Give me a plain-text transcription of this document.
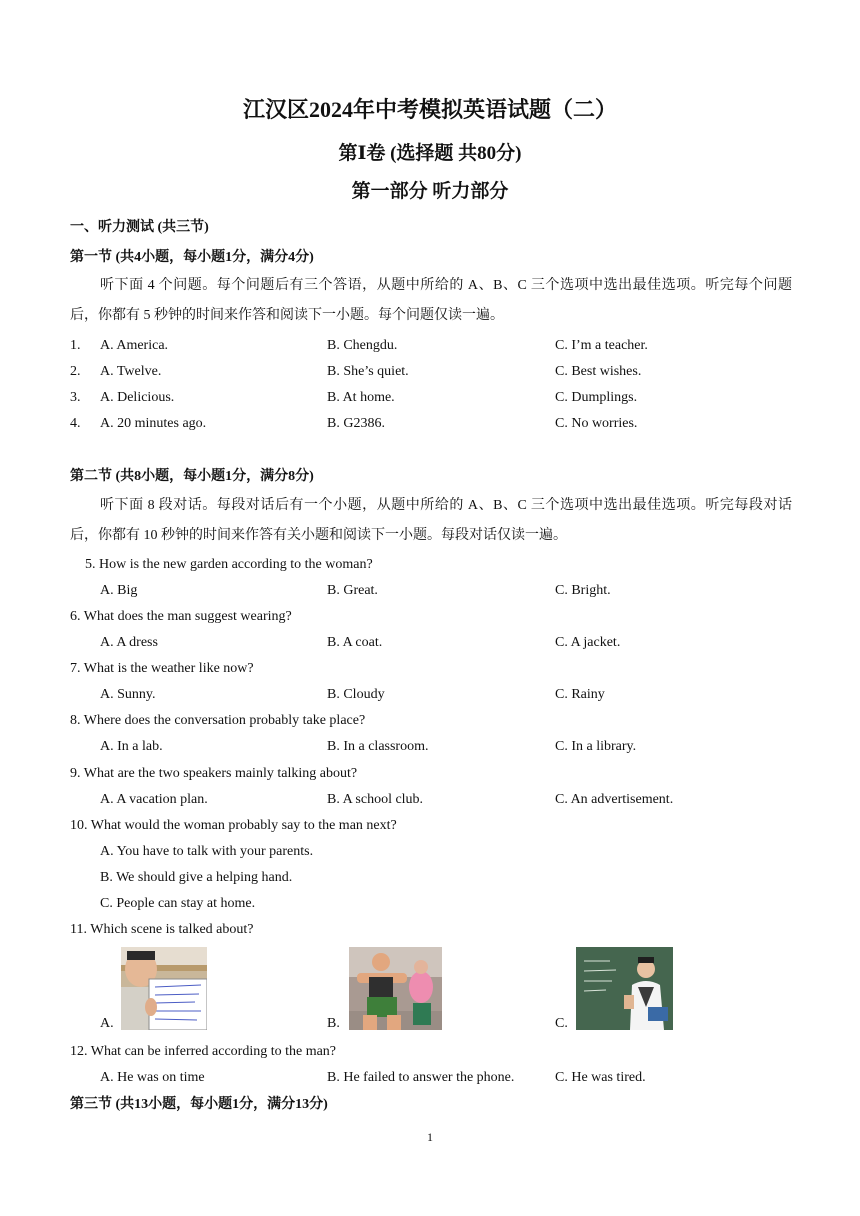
江汉区2024年中考模拟英语试题（二）
第Ⅰ卷 (选择题 共80分)
第一部分 听力部分
一、听力测试 (共三节)
第一节 (共4小题，每小题1分，满分4分)
听下面 4 个问题。每个问题后有三个答语，从题中所给的 A、B、C 三个选项中选出最佳选项。听完每个问题后，你都有 5 秒钟的时间来作答和阅读下一小题。每个问题仅读一遍。
1. A. America.	B. Chengdu.	C. I’m a teacher.
2. A. Twelve.	B. She’s quiet.	C. Best wishes.
3. A. Delicious.	B. At home.	C. Dumplings.
4. A. 20 minutes ago.	B. G2386.	C. No worries.
第二节 (共8小题，每小题1分，满分8分)
听下面 8 段对话。每段对话后有一个小题，从题中所给的 A、B、C 三个选项中选出最佳选项。听完每段对话后，你都有 10 秒钟的时间来作答有关小题和阅读下一小题。每段对话仅读一遍。
5. How is the new garden according to the woman?
A. Big	B. Great.	C. Bright.
6. What does the man suggest wearing?
A. A dress	B. A coat.	C. A jacket.
7. What is the weather like now?
A. Sunny.	B. Cloudy	C. Rainy
8. Where does the conversation probably take place?
A. In a lab.	B. In a classroom.	C. In a library.
9. What are the two speakers mainly talking about?
A. A vacation plan.	B. A school club.	C. An advertisement.
10. What would the woman probably say to the man next?
A. You have to talk with your parents.
B. We should give a helping hand.
C. People can stay at home.
11. Which scene is talked about?
A.	B.	C.
12. What can be inferred according to the man?
A. He was on time	B. He failed to answer the phone.	C. He was tired.
第三节 (共13小题，每小题1分，满分13分)
1
